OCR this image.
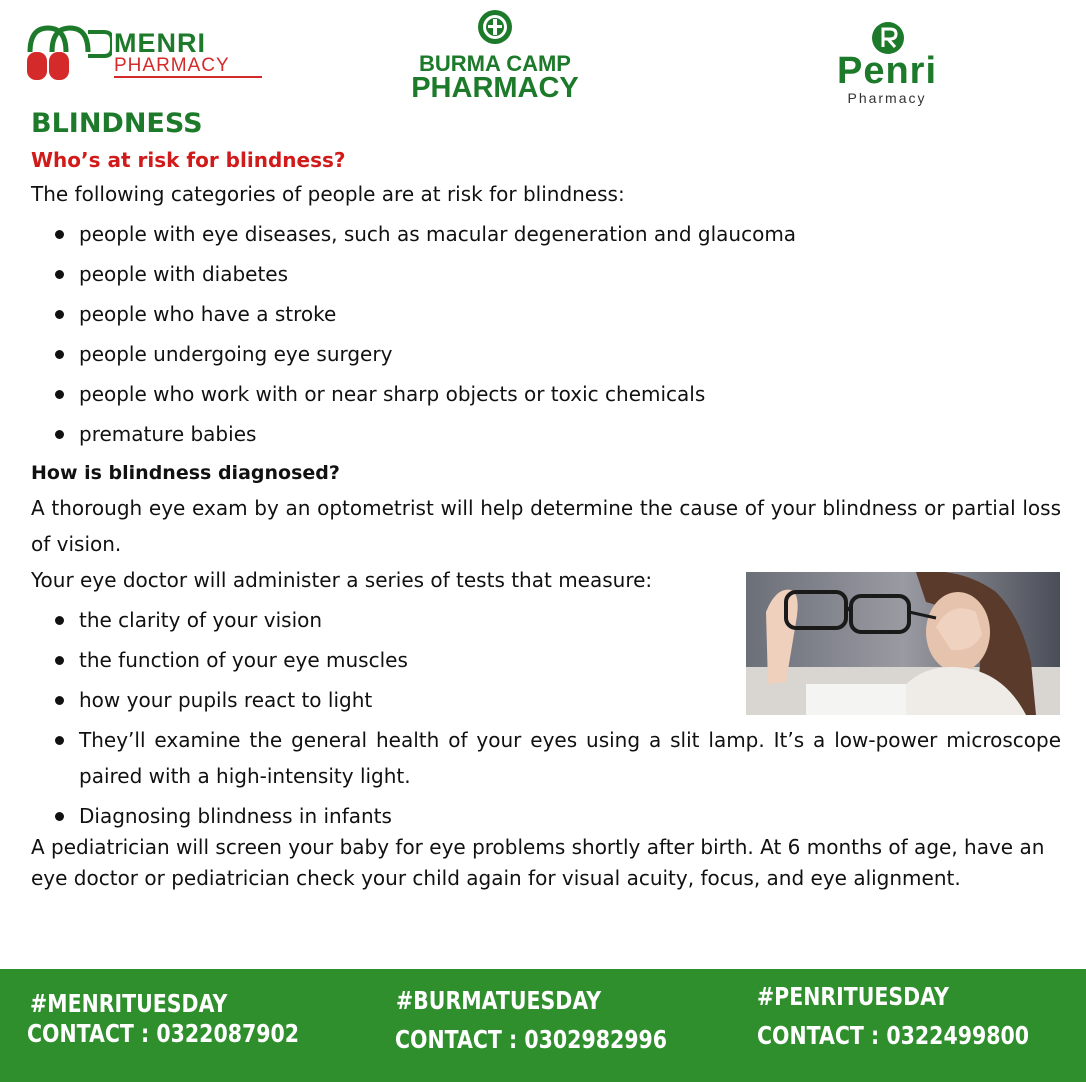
MENRI
PHARMACY	BURMA CAMP
PHARMACY	Penri
Pharmacy
BLINDNESS
Who’s at risk for blindness?

The following categories of people are at risk for blindness:

people with eye diseases, such as macular degeneration and glaucoma
people with diabetes
people who have a stroke
people undergoing eye surgery
people who work with or near sharp objects or toxic chemicals
premature babies
How is blindness diagnosed?

A thorough eye exam by an optometrist will help determine the cause of your blindness or partial loss of vision.

Your eye doctor will administer a series of tests that measure:

the clarity of your vision
the function of your eye muscles
how your pupils react to light
They’ll examine the general health of your eyes using a slit lamp. It’s a low-power microscope paired with a high-intensity light.
Diagnosing blindness in infants

A pediatrician will screen your baby for eye problems shortly after birth. At 6 months of age, have an eye doctor or pediatrician check your child again for visual acuity, focus, and eye alignment.

#MENRITUESDAY
CONTACT : 0322087902
#BURMATUESDAY
CONTACT : 0302982996
#PENRITUESDAY
CONTACT : 0322499800
